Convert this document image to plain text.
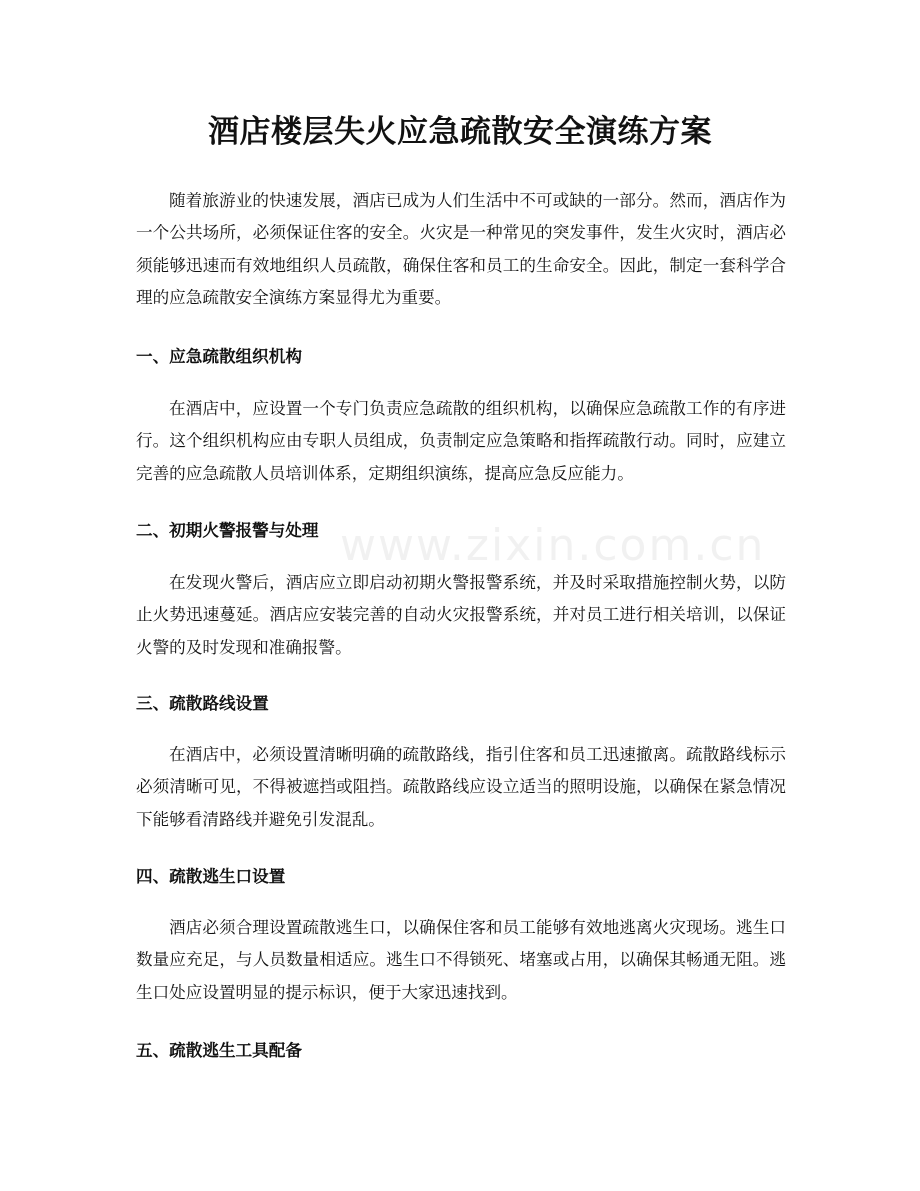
酒店楼层失火应急疏散安全演练方案

随着旅游业的快速发展，酒店已成为人们生活中不可或缺的一部分。然而，酒店作为一个公共场所，必须保证住客的安全。火灾是一种常见的突发事件，发生火灾时，酒店必须能够迅速而有效地组织人员疏散，确保住客和员工的生命安全。因此，制定一套科学合理的应急疏散安全演练方案显得尤为重要。

一、应急疏散组织机构

在酒店中，应设置一个专门负责应急疏散的组织机构，以确保应急疏散工作的有序进行。这个组织机构应由专职人员组成，负责制定应急策略和指挥疏散行动。同时，应建立完善的应急疏散人员培训体系，定期组织演练，提高应急反应能力。

二、初期火警报警与处理

在发现火警后，酒店应立即启动初期火警报警系统，并及时采取措施控制火势，以防止火势迅速蔓延。酒店应安装完善的自动火灾报警系统，并对员工进行相关培训，以保证火警的及时发现和准确报警。

三、疏散路线设置

在酒店中，必须设置清晰明确的疏散路线，指引住客和员工迅速撤离。疏散路线标示必须清晰可见，不得被遮挡或阻挡。疏散路线应设立适当的照明设施，以确保在紧急情况下能够看清路线并避免引发混乱。

四、疏散逃生口设置

酒店必须合理设置疏散逃生口，以确保住客和员工能够有效地逃离火灾现场。逃生口数量应充足，与人员数量相适应。逃生口不得锁死、堵塞或占用，以确保其畅通无阻。逃生口处应设置明显的提示标识，便于大家迅速找到。

五、疏散逃生工具配备
www.zixin.com.cn
